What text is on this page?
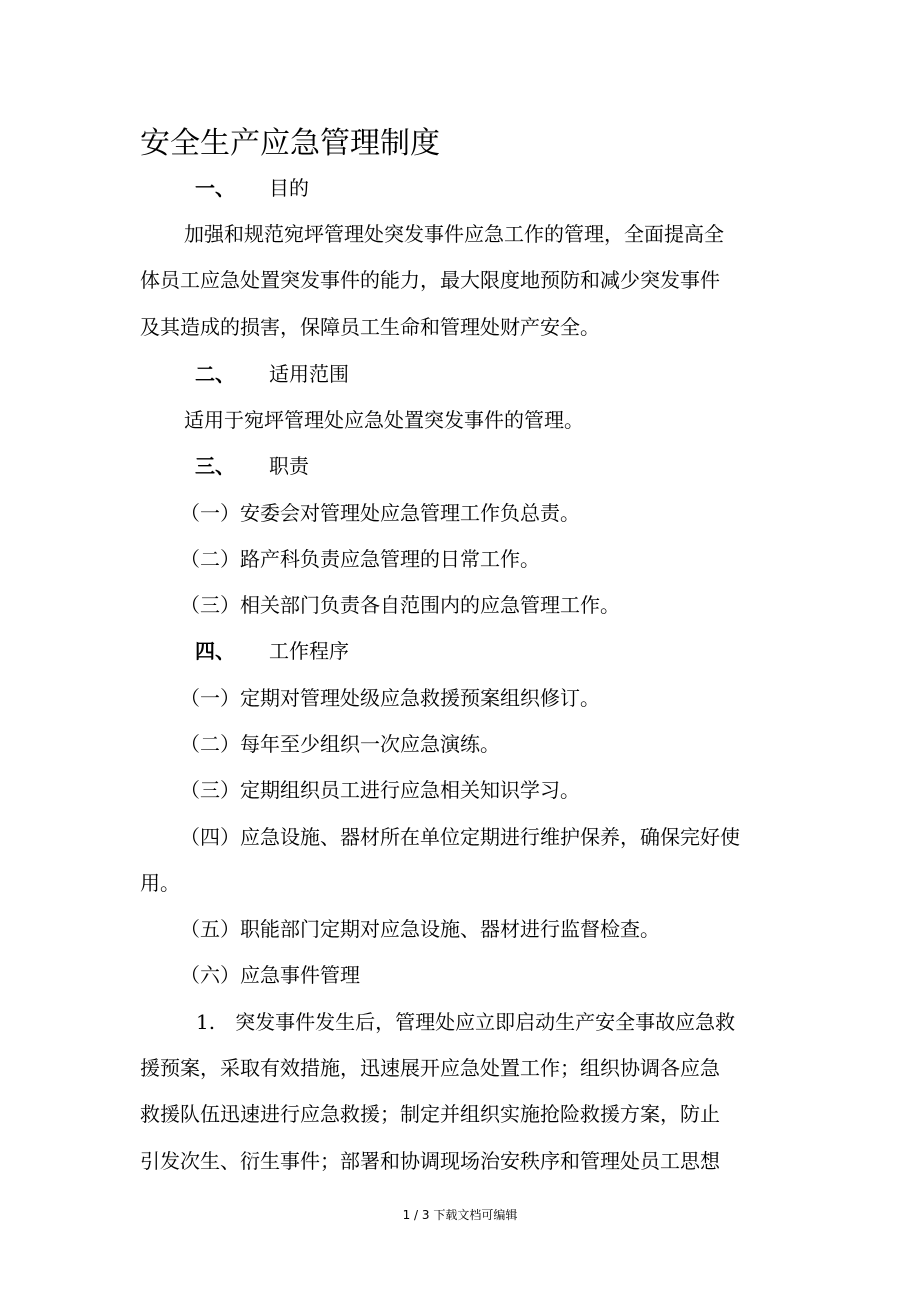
安全生产应急管理制度
一、 目的
加强和规范宛坪管理处突发事件应急工作的管理，全面提高全
体员工应急处置突发事件的能力，最大限度地预防和减少突发事件
及其造成的损害，保障员工生命和管理处财产安全。
二、 适用范围
适用于宛坪管理处应急处置突发事件的管理。
三、 职责
（一）安委会对管理处应急管理工作负总责。
（二）路产科负责应急管理的日常工作。
（三）相关部门负责各自范围内的应急管理工作。
四、 工作程序
（一）定期对管理处级应急救援预案组织修订。
（二）每年至少组织一次应急演练。
（三）定期组织员工进行应急相关知识学习。
（四）应急设施、器材所在单位定期进行维护保养，确保完好使
用。
（五）职能部门定期对应急设施、器材进行监督检查。
（六）应急事件管理
1.　突发事件发生后，管理处应立即启动生产安全事故应急救
援预案，采取有效措施，迅速展开应急处置工作；组织协调各应急
救援队伍迅速进行应急救援；制定并组织实施抢险救援方案，防止
引发次生、衍生事件；部署和协调现场治安秩序和管理处员工思想
1 / 3 下载文档可编辑
